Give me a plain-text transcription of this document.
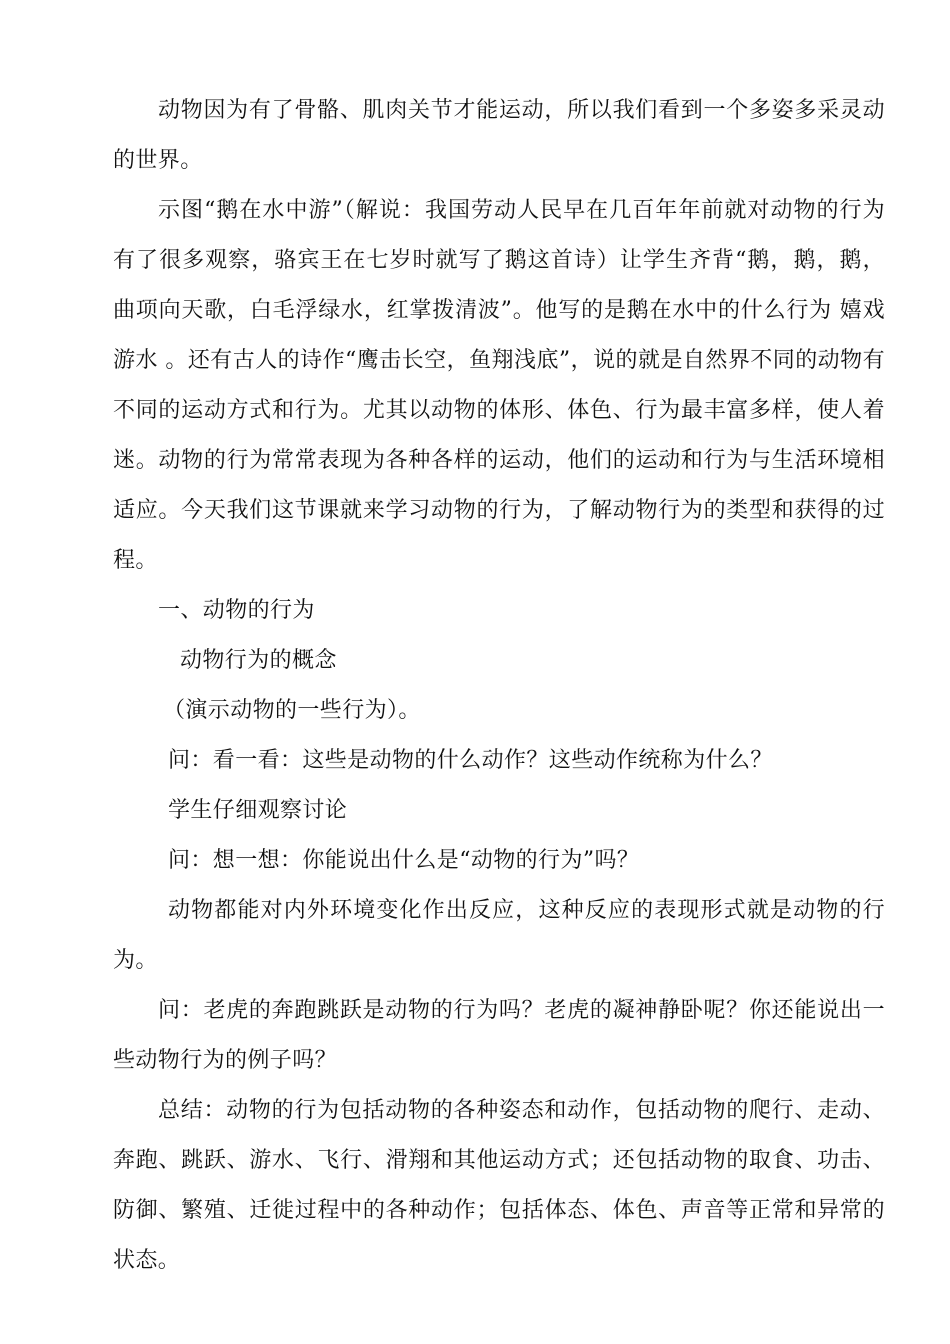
动物因为有了骨骼、肌肉关节才能运动，所以我们看到一个多姿多采灵动的世界。

示图“鹅在水中游”（解说：我国劳动人民早在几百年年前就对动物的行为有了很多观察，骆宾王在七岁时就写了鹅这首诗）让学生齐背“鹅，鹅，鹅，曲项向天歌，白毛浮绿水，红掌拨清波”。他写的是鹅在水中的什么行为 嬉戏游水 。还有古人的诗作“鹰击长空，鱼翔浅底”，说的就是自然界不同的动物有不同的运动方式和行为。尤其以动物的体形、体色、行为最丰富多样，使人着迷。动物的行为常常表现为各种各样的运动，他们的运动和行为与生活环境相适应。今天我们这节课就来学习动物的行为，了解动物行为的类型和获得的过程。

一、动物的行为

动物行为的概念

（演示动物的一些行为）。

问：看一看：这些是动物的什么动作？这些动作统称为什么？

学生仔细观察讨论

问：想一想：你能说出什么是“动物的行为”吗？

动物都能对内外环境变化作出反应，这种反应的表现形式就是动物的行为。

问：老虎的奔跑跳跃是动物的行为吗？老虎的凝神静卧呢？你还能说出一些动物行为的例子吗？

总结：动物的行为包括动物的各种姿态和动作，包括动物的爬行、走动、奔跑、跳跃、游水、飞行、滑翔和其他运动方式；还包括动物的取食、功击、防御、繁殖、迁徙过程中的各种动作；包括体态、体色、声音等正常和异常的状态。
